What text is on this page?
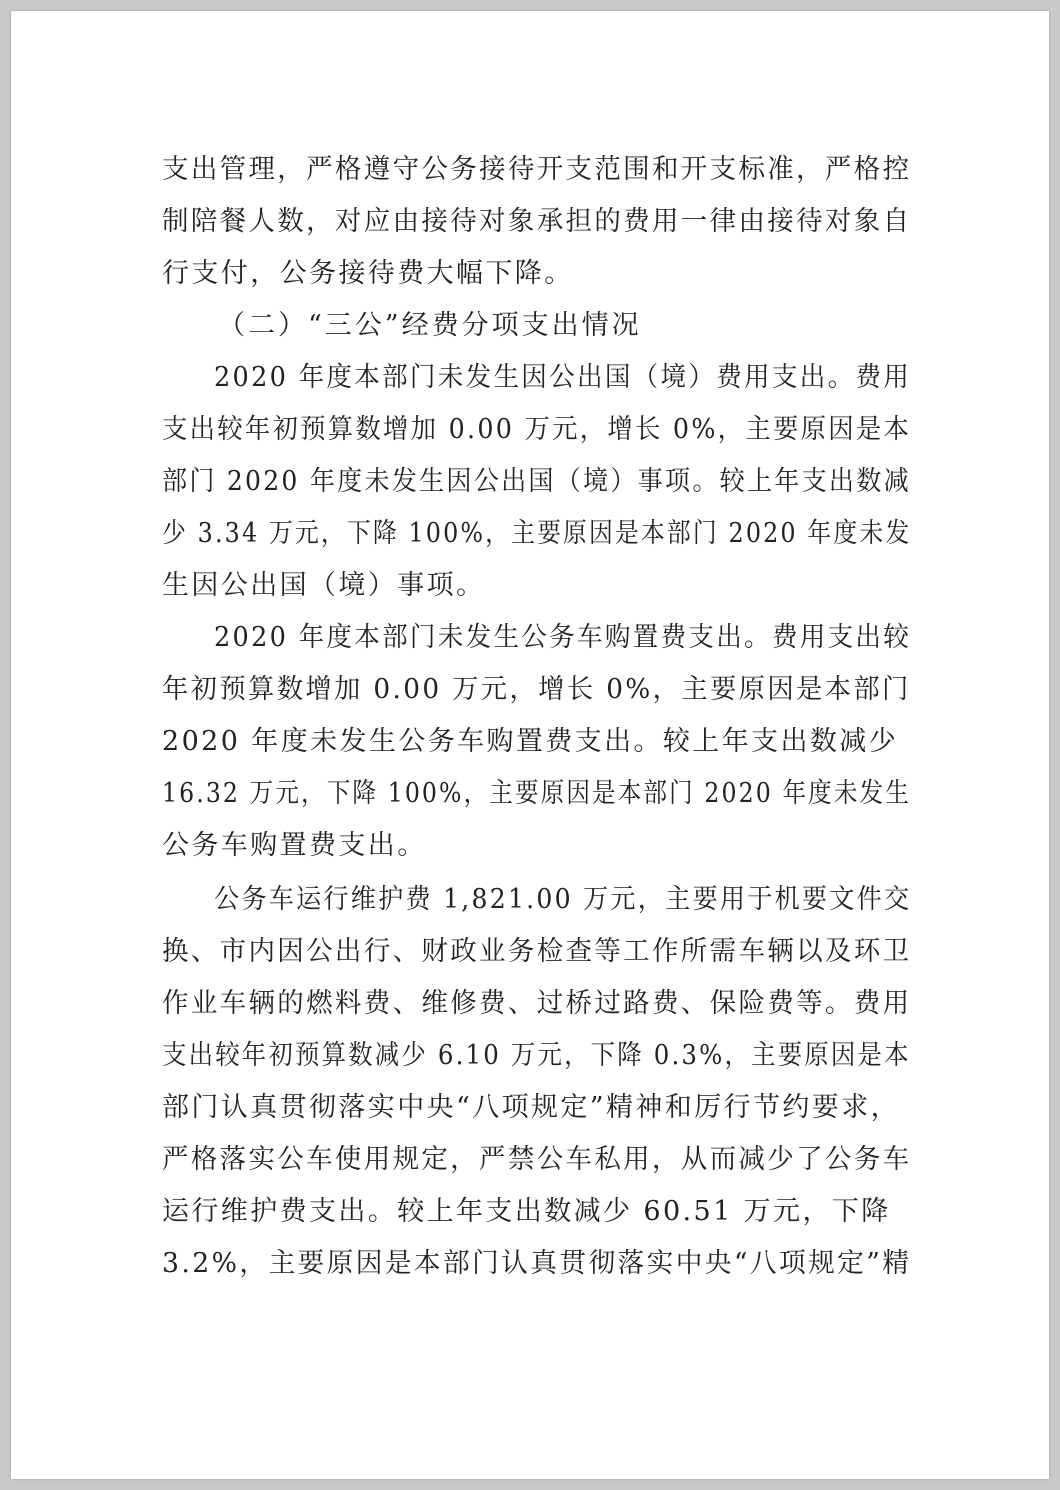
支出管理，严格遵守公务接待开支范围和开支标准，严格控
制陪餐人数，对应由接待对象承担的费用一律由接待对象自
行支付，公务接待费大幅下降。
（二）“三公”经费分项支出情况
2020 年度本部门未发生因公出国（境）费用支出。费用
支出较年初预算数增加 0.00 万元，增长 0%，主要原因是本
部门 2020 年度未发生因公出国（境）事项。较上年支出数减
少 3.34 万元，下降 100%，主要原因是本部门 2020 年度未发
生因公出国（境）事项。
2020 年度本部门未发生公务车购置费支出。费用支出较
年初预算数增加 0.00 万元，增长 0%，主要原因是本部门
2020 年度未发生公务车购置费支出。较上年支出数减少
16.32 万元，下降 100%，主要原因是本部门 2020 年度未发生
公务车购置费支出。
公务车运行维护费 1,821.00 万元，主要用于机要文件交
换、市内因公出行、财政业务检查等工作所需车辆以及环卫
作业车辆的燃料费、维修费、过桥过路费、保险费等。费用
支出较年初预算数减少 6.10 万元，下降 0.3%，主要原因是本
部门认真贯彻落实中央“八项规定”精神和厉行节约要求，
严格落实公车使用规定，严禁公车私用，从而减少了公务车
运行维护费支出。较上年支出数减少 60.51 万元，下降
3.2%，主要原因是本部门认真贯彻落实中央“八项规定”精
